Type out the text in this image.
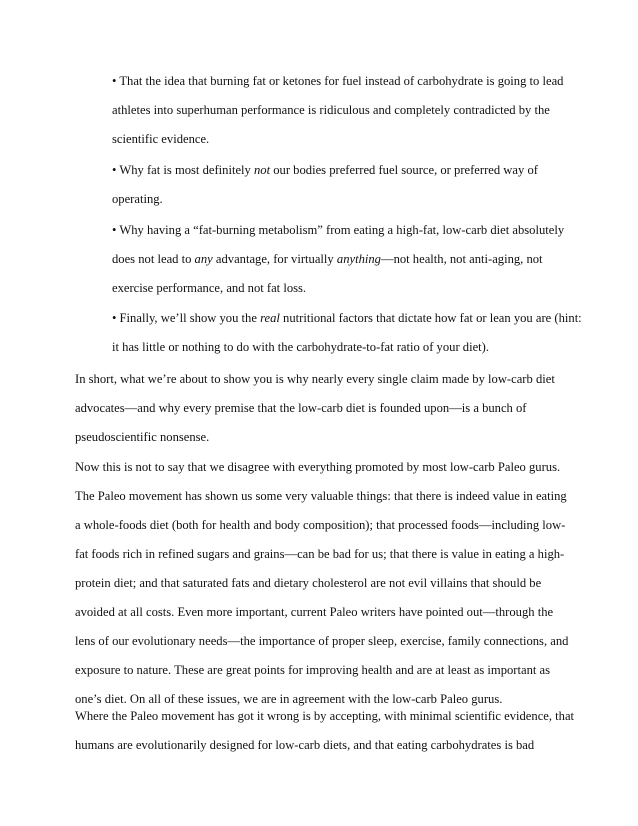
• That the idea that burning fat or ketones for fuel instead of carbohydrate is going to lead athletes into superhuman performance is ridiculous and completely contradicted by the scientific evidence.

• Why fat is most definitely not our bodies preferred fuel source, or preferred way of operating.

• Why having a “fat-burning metabolism” from eating a high-fat, low-carb diet absolutely does not lead to any advantage, for virtually anything—not health, not anti-aging, not exercise performance, and not fat loss.

• Finally, we’ll show you the real nutritional factors that dictate how fat or lean you are (hint: it has little or nothing to do with the carbohydrate-to-fat ratio of your diet).

In short, what we’re about to show you is why nearly every single claim made by low-carb diet advocates—and why every premise that the low-carb diet is founded upon—is a bunch of pseudoscientific nonsense.

Now this is not to say that we disagree with everything promoted by most low-carb Paleo gurus. The Paleo movement has shown us some very valuable things: that there is indeed value in eating a whole-foods diet (both for health and body composition); that processed foods—including low-fat foods rich in refined sugars and grains—can be bad for us; that there is value in eating a high-protein diet; and that saturated fats and dietary cholesterol are not evil villains that should be avoided at all costs. Even more important, current Paleo writers have pointed out—through the lens of our evolutionary needs—the importance of proper sleep, exercise, family connections, and exposure to nature. These are great points for improving health and are at least as important as one’s diet. On all of these issues, we are in agreement with the low-carb Paleo gurus.

Where the Paleo movement has got it wrong is by accepting, with minimal scientific evidence, that humans are evolutionarily designed for low-carb diets, and that eating carbohydrates is bad
